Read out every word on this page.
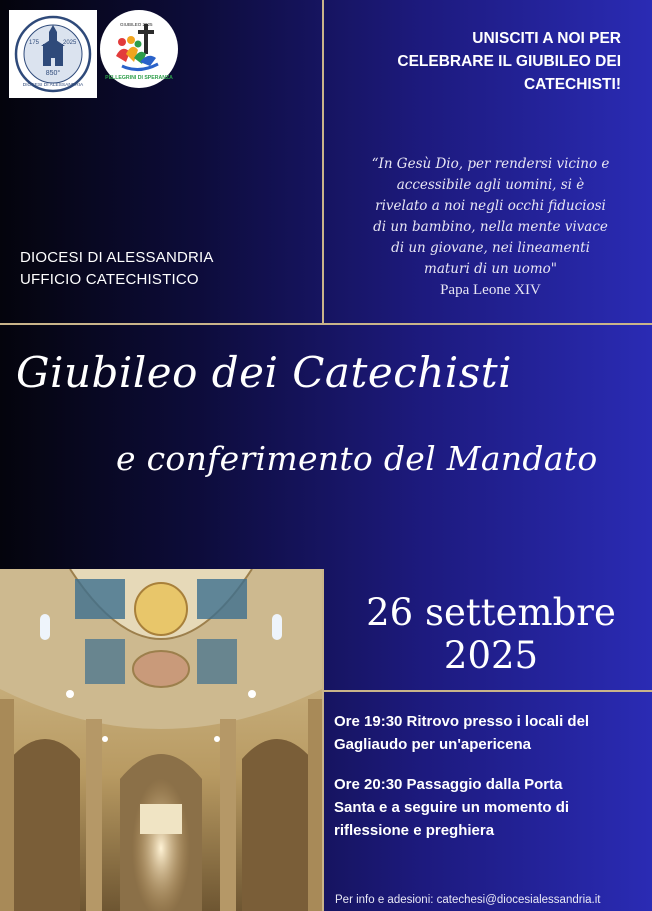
175	2025
850°
DIOCESI DI ALESSANDRIA
GIUBILEO 2025
PELLEGRINI DI SPERANZA
DIOCESI DI ALESSANDRIA
UFFICIO CATECHISTICO
UNISCITI A NOI PER
CELEBRARE IL GIUBILEO DEI
CATECHISTI!
“In Gesù Dio, per rendersi vicino e
accessibile agli uomini, si è
rivelato a noi negli occhi fiduciosi
di un bambino, nella mente vivace
di un giovane, nei lineamenti
maturi di un uomo"
Papa Leone XIV
Giubileo dei Catechisti
e conferimento del Mandato
26 settembre
2025

Ore 19:30 Ritrovo presso i locali del
Gagliaudo per un'apericena

Ore 20:30 Passaggio dalla Porta
Santa e a seguire un momento di
riflessione e preghiera

Per info e adesioni: catechesi@diocesialessandria.it
